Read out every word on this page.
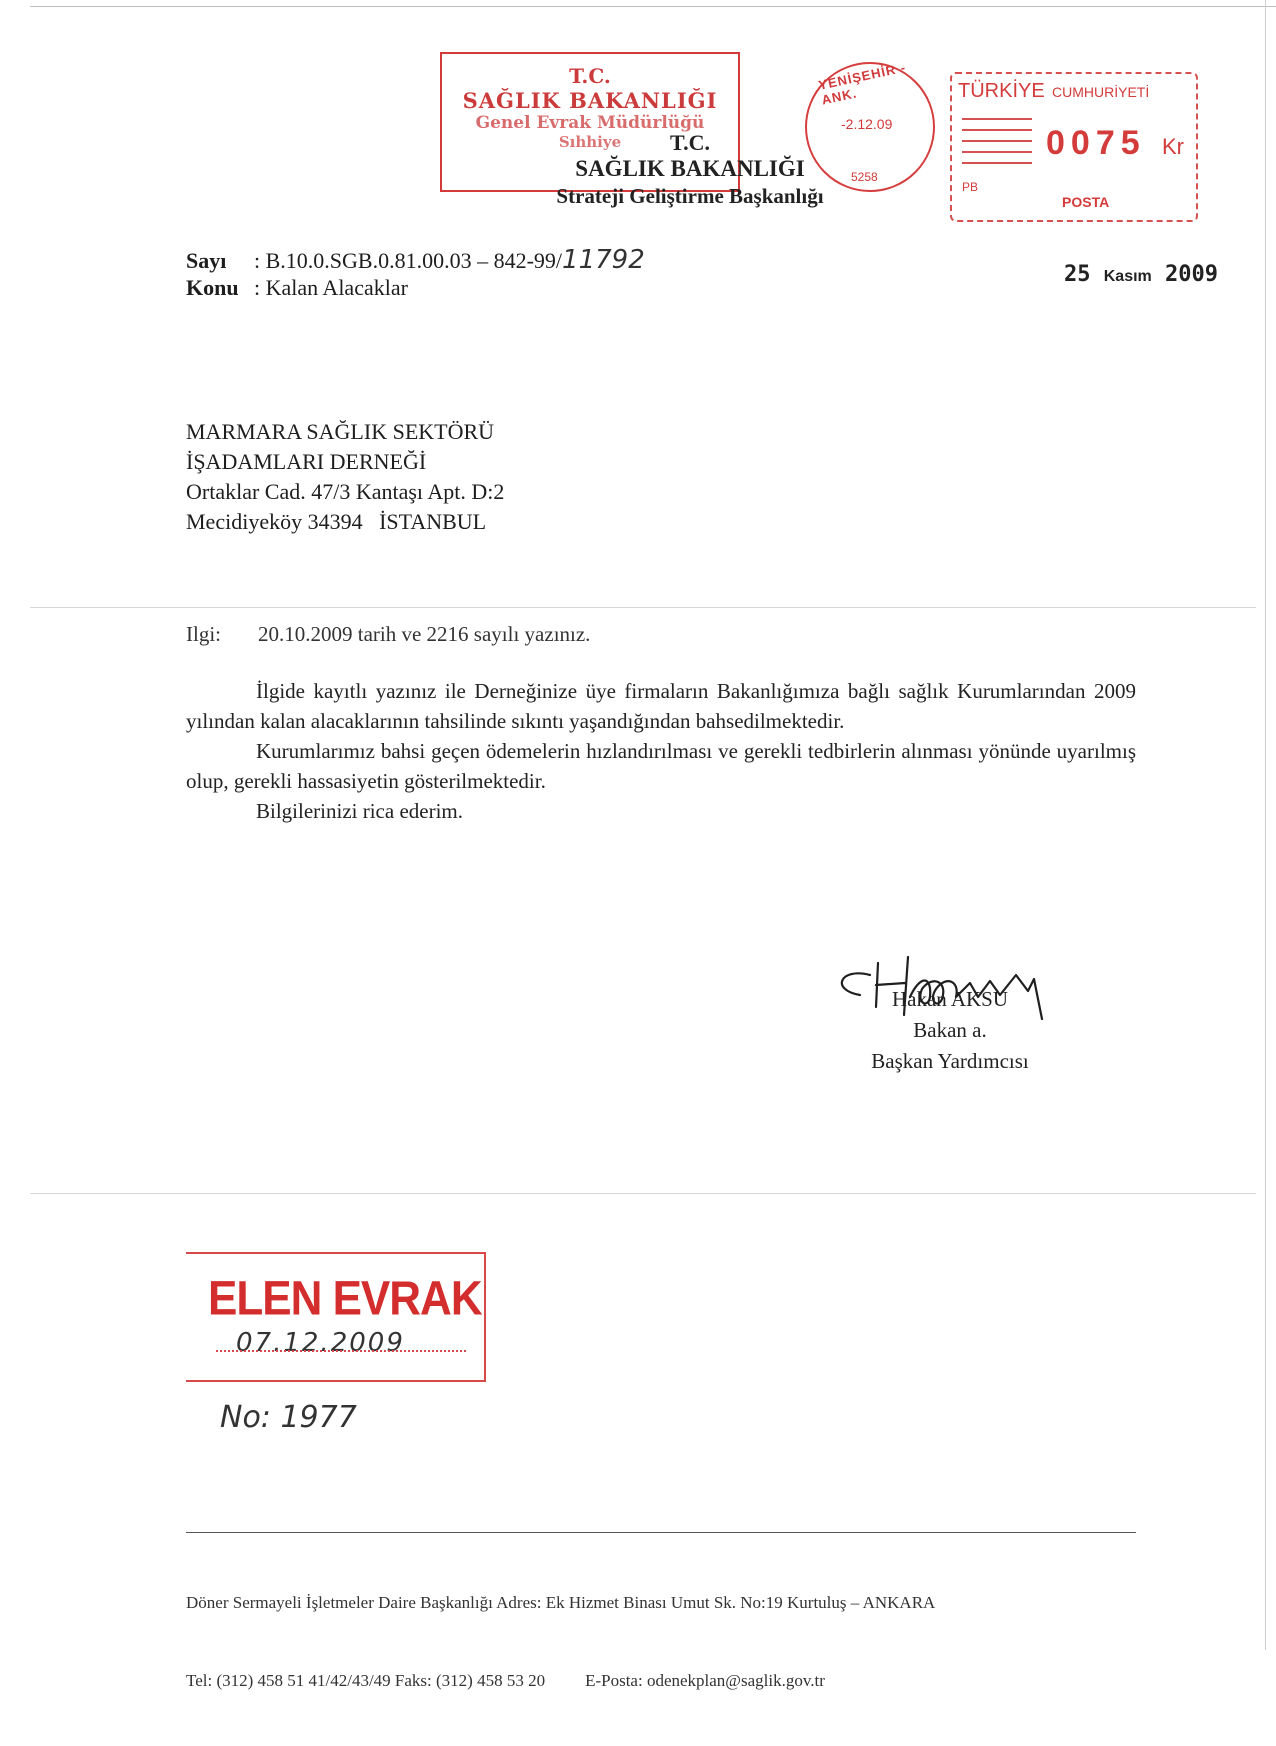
T.C.
SAĞLIK BAKANLIĞI
Genel Evrak Müdürlüğü
Sıhhiye	T.C.
SAĞLIK BAKANLIĞI
Strateji Geliştirme Başkanlığı
YENİŞEHİR - ANK.
-2.12.09
5258
TÜRKİYE CUMHURİYETİ
0075 Kr
PB
POSTA
Sayı : B.10.0.SGB.0.81.00.03 – 842-99/11792
Konu : Kalan Alacaklar
25 Kasım 2009
MARMARA SAĞLIK SEKTÖRÜ
İŞADAMLARI DERNEĞİ
Ortaklar Cad. 47/3 Kantaşı Apt. D:2
Mecidiyeköy 34394   İSTANBUL
Ilgi: 20.10.2009 tarih ve 2216 sayılı yazınız.

İlgide kayıtlı yazınız ile Derneğinize üye firmaların Bakanlığımıza bağlı sağlık Kurumlarından 2009 yılından kalan alacaklarının tahsilinde sıkıntı yaşandığından bahsedilmektedir.

Kurumlarımız bahsi geçen ödemelerin hızlandırılması ve gerekli tedbirlerin alınması yönünde uyarılmış olup, gerekli hassasiyetin gösterilmektedir.

Bilgilerinizi rica ederim.

Hakan AKSU
Bakan a.
Başkan Yardımcısı
ELEN EVRAK
07.12.2009
No: 1977

Döner Sermayeli İşletmeler Daire Başkanlığı Adres: Ek Hizmet Binası Umut Sk. No:19 Kurtuluş – ANKARA

Tel: (312) 458 51 41/42/43/49 Faks: (312) 458 53 20 E-Posta: odenekplan@saglik.gov.tr
